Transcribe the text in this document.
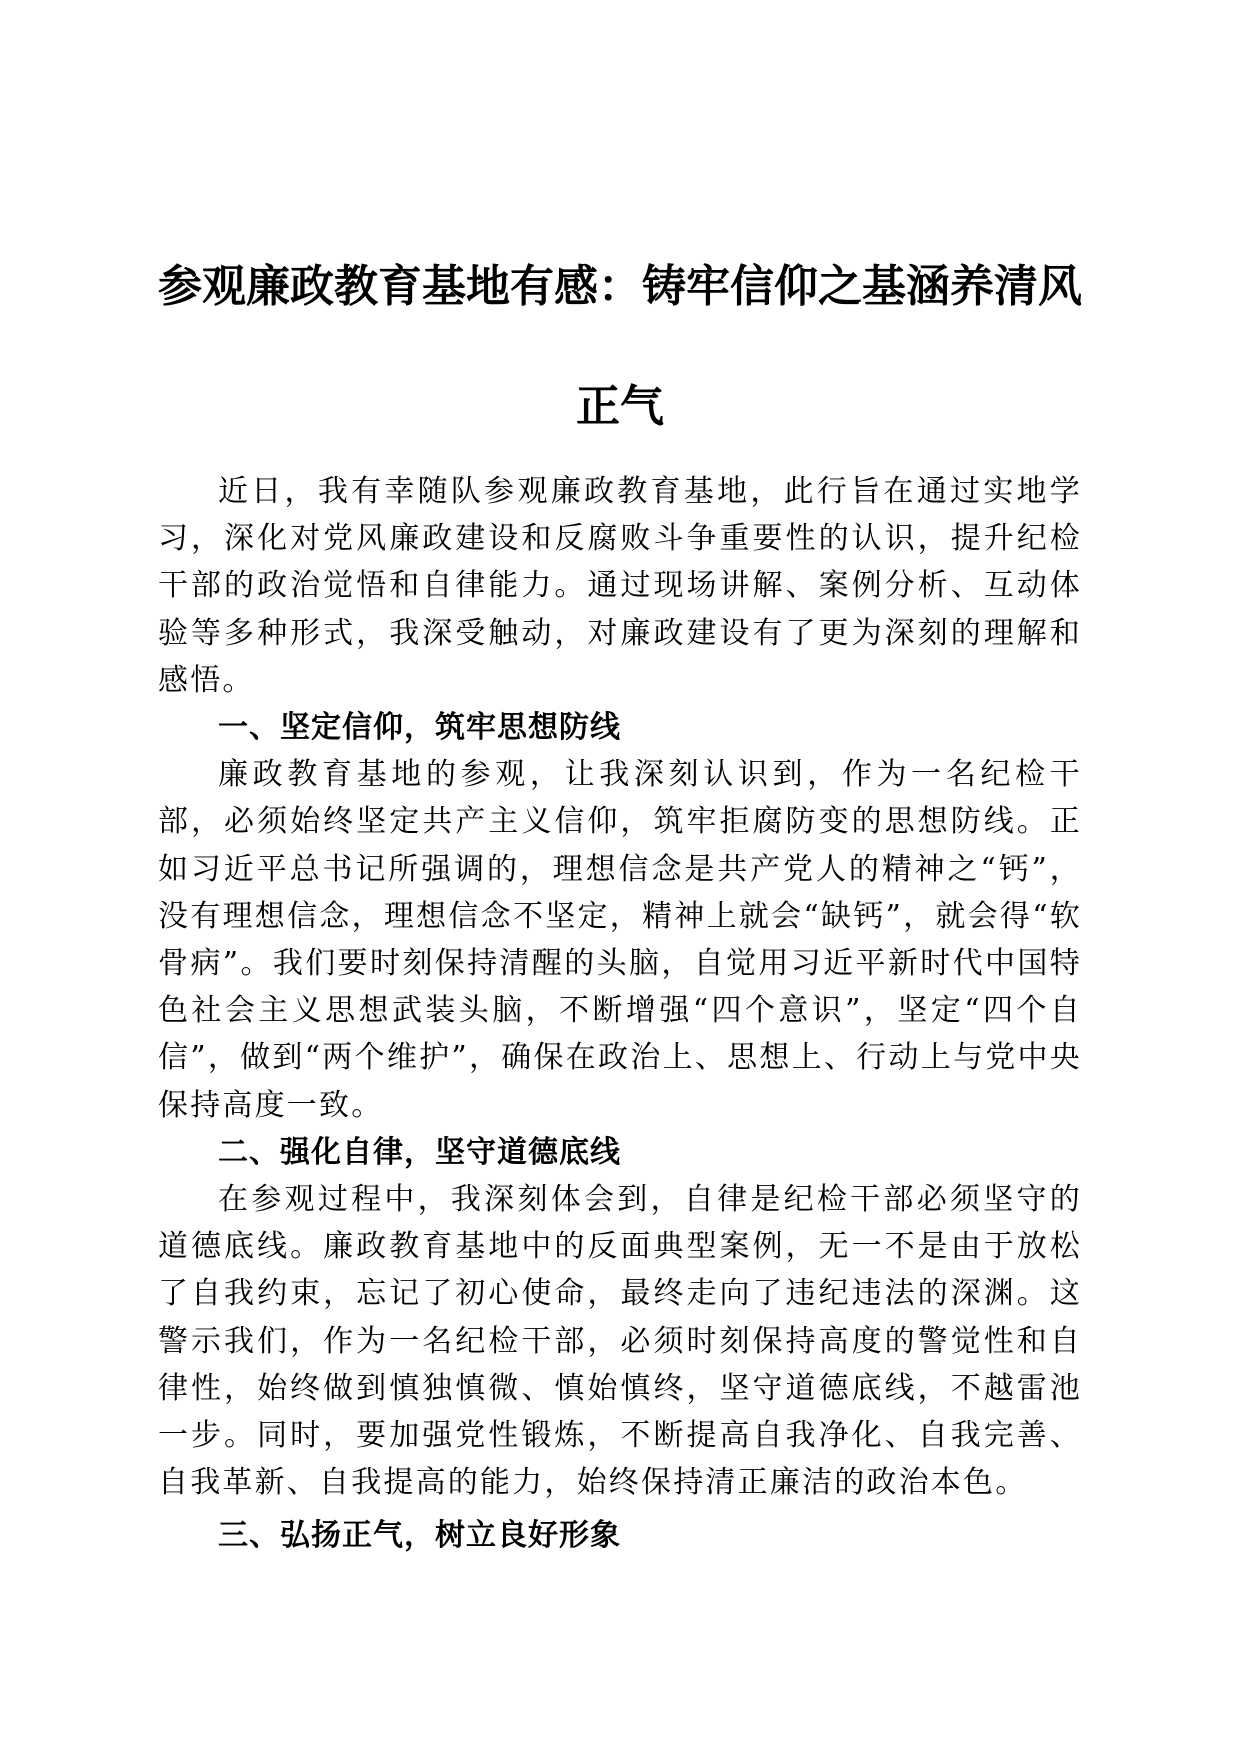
参观廉政教育基地有感：铸牢信仰之基涵养清风正气

近日，我有幸随队参观廉政教育基地，此行旨在通过实地学习，深化对党风廉政建设和反腐败斗争重要性的认识，提升纪检干部的政治觉悟和自律能力。通过现场讲解、案例分析、互动体验等多种形式，我深受触动，对廉政建设有了更为深刻的理解和感悟。

一、坚定信仰，筑牢思想防线

廉政教育基地的参观，让我深刻认识到，作为一名纪检干部，必须始终坚定共产主义信仰，筑牢拒腐防变的思想防线。正如习近平总书记所强调的，理想信念是共产党人的精神之“钙”，没有理想信念，理想信念不坚定，精神上就会“缺钙”，就会得“软骨病”。我们要时刻保持清醒的头脑，自觉用习近平新时代中国特色社会主义思想武装头脑，不断增强“四个意识”，坚定“四个自信”，做到“两个维护”，确保在政治上、思想上、行动上与党中央保持高度一致。

二、强化自律，坚守道德底线

在参观过程中，我深刻体会到，自律是纪检干部必须坚守的道德底线。廉政教育基地中的反面典型案例，无一不是由于放松了自我约束，忘记了初心使命，最终走向了违纪违法的深渊。这警示我们，作为一名纪检干部，必须时刻保持高度的警觉性和自律性，始终做到慎独慎微、慎始慎终，坚守道德底线，不越雷池一步。同时，要加强党性锻炼，不断提高自我净化、自我完善、自我革新、自我提高的能力，始终保持清正廉洁的政治本色。

三、弘扬正气，树立良好形象
